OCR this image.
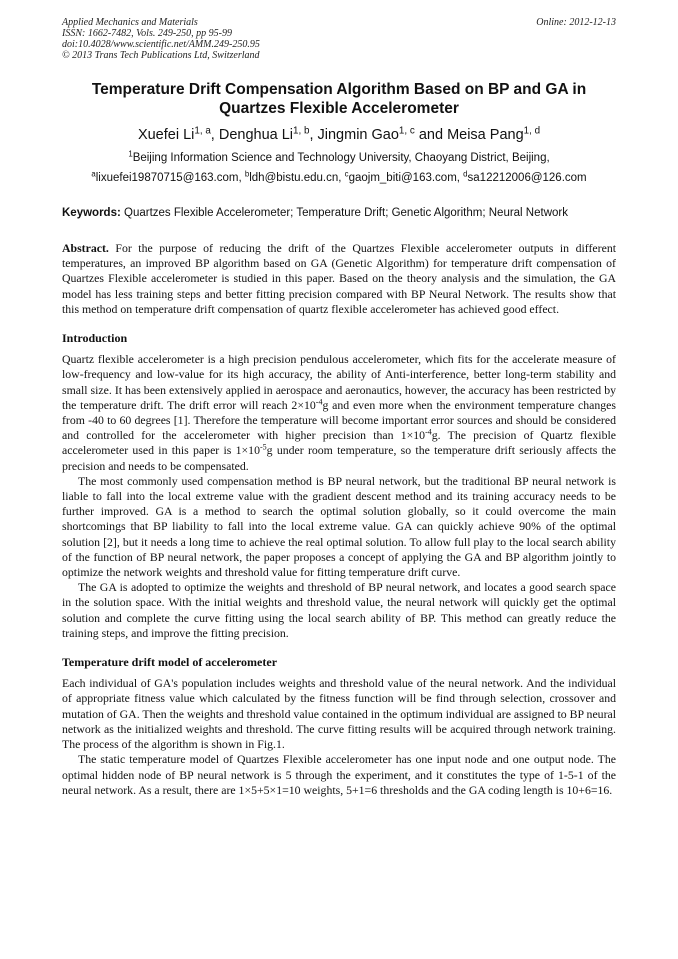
Applied Mechanics and Materials	Online: 2012-12-13
ISSN: 1662-7482, Vols. 249-250, pp 95-99
doi:10.4028/www.scientific.net/AMM.249-250.95
© 2013 Trans Tech Publications Ltd, Switzerland
Temperature Drift Compensation Algorithm Based on BP and GA in Quartzes Flexible Accelerometer
Xuefei Li$^{1, a}$, Denghua Li$^{1, b}$, Jingmin Gao$^{1, c}$ and Meisa Pang$^{1, d}$
$^1$Beijing Information Science and Technology University, Chaoyang District, Beijing,
$^a$lixuefei19870715@163.com, $^b$ldh@bistu.edu.cn, $^c$gaojm_biti@163.com, $^d$sa12212006@126.com
Keywords: Quartzes Flexible Accelerometer; Temperature Drift; Genetic Algorithm; Neural Network

Abstract. For the purpose of reducing the drift of the Quartzes Flexible accelerometer outputs in different temperatures, an improved BP algorithm based on GA (Genetic Algorithm) for temperature drift compensation of Quartzes Flexible accelerometer is studied in this paper. Based on the theory analysis and the simulation, the GA model has less training steps and better fitting precision compared with BP Neural Network. The results show that this method on temperature drift compensation of quartz flexible accelerometer has achieved good effect.

Introduction

Quartz flexible accelerometer is a high precision pendulous accelerometer, which fits for the accelerate measure of low-frequency and low-value for its high accuracy, the ability of Anti-interference, better long-term stability and small size. It has been extensively applied in aerospace and aeronautics, however, the accuracy has been restricted by the temperature drift. The drift error will reach $2\times 10^{-4}g$ and even more when the environment temperature changes from -40 to 60 degrees [1]. Therefore the temperature will become important error sources and should be considered and controlled for the accelerometer with higher precision than $1\times 10^{-4}g$. The precision of Quartz flexible accelerometer used in this paper is $1\times 10^{-5}g$ under room temperature, so the temperature drift seriously affects the precision and needs to be compensated.

The most commonly used compensation method is BP neural network, but the traditional BP neural network is liable to fall into the local extreme value with the gradient descent method and its training accuracy needs to be further improved. GA is a method to search the optimal solution globally, so it could overcome the main shortcomings that BP liability to fall into the local extreme value. GA can quickly achieve 90% of the optimal solution [2], but it needs a long time to achieve the real optimal solution. To allow full play to the local search ability of the function of BP neural network, the paper proposes a concept of applying the GA and BP algorithm jointly to optimize the network weights and threshold value for fitting temperature drift curve.

The GA is adopted to optimize the weights and threshold of BP neural network, and locates a good search space in the solution space. With the initial weights and threshold value, the neural network will quickly get the optimal solution and complete the curve fitting using the local search ability of BP. This method can greatly reduce the training steps, and improve the fitting precision.

Temperature drift model of accelerometer

Each individual of GA's population includes weights and threshold value of the neural network. And the individual of appropriate fitness value which calculated by the fitness function will be find through selection, crossover and mutation of GA. Then the weights and threshold value contained in the optimum individual are assigned to BP neural network as the initialized weights and threshold. The curve fitting results will be acquired through network training. The process of the algorithm is shown in Fig.1.

The static temperature model of Quartzes Flexible accelerometer has one input node and one output node. The optimal hidden node of BP neural network is 5 through the experiment, and it constitutes the type of 1-5-1 of the neural network. As a result, there are 1×5+5×1=10 weights, 5+1=6 thresholds and the GA coding length is 10+6=16.
